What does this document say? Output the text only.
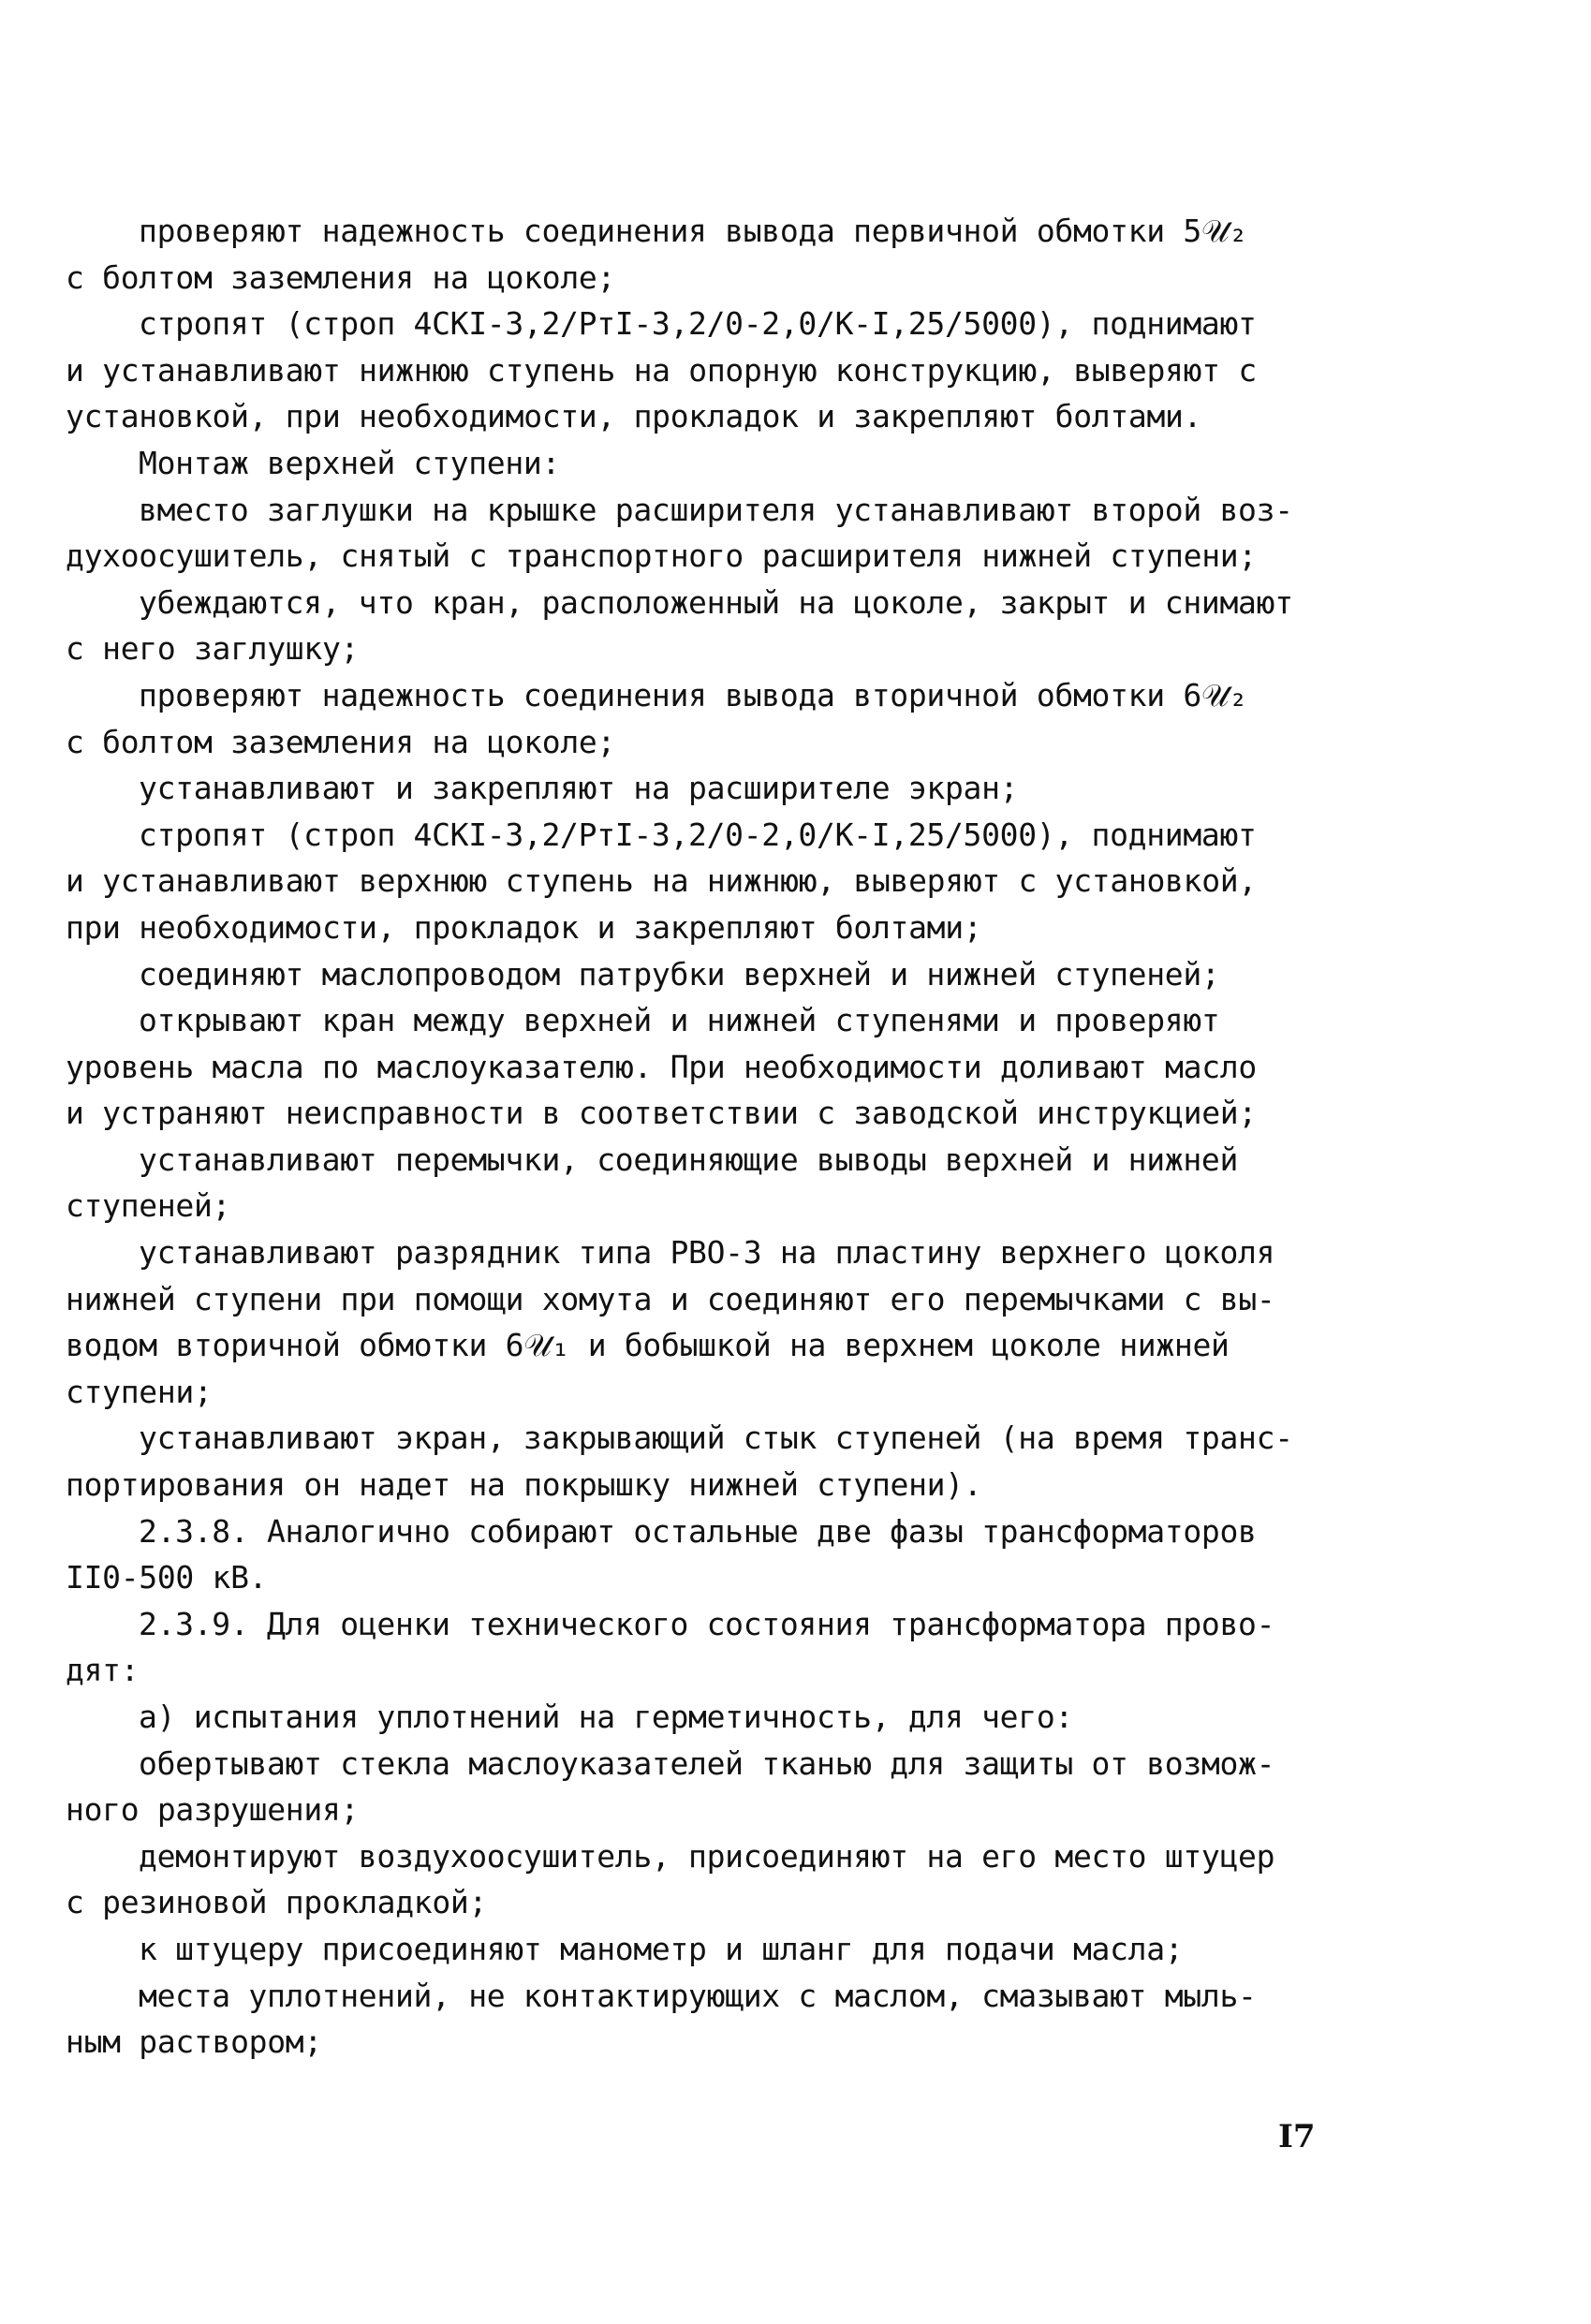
проверяют надежность соединения вывода первичной обмотки 5𝒰₂
с болтом заземления на цоколе;
стропят (строп 4СКI-3,2/РтI-3,2/0-2,0/К-I,25/5000), поднимают
и устанавливают нижнюю ступень на опорную конструкцию, выверяют с
установкой, при необходимости, прокладок и закрепляют болтами.
Монтаж верхней ступени:
вместо заглушки на крышке расширителя устанавливают второй воз-
духоосушитель, снятый с транспортного расширителя нижней ступени;
убеждаются, что кран, расположенный на цоколе, закрыт и снимают
с него заглушку;
проверяют надежность соединения вывода вторичной обмотки 6𝒰₂
с болтом заземления на цоколе;
устанавливают и закрепляют на расширителе экран;
стропят (строп 4СКI-3,2/РтI-3,2/0-2,0/К-I,25/5000), поднимают
и устанавливают верхнюю ступень на нижнюю, выверяют с установкой,
при необходимости, прокладок и закрепляют болтами;
соединяют маслопроводом патрубки верхней и нижней ступеней;
открывают кран между верхней и нижней ступенями и проверяют
уровень масла по маслоуказателю. При необходимости доливают масло
и устраняют неисправности в соответствии с заводской инструкцией;
устанавливают перемычки, соединяющие выводы верхней и нижней
ступеней;
устанавливают разрядник типа РВО-3 на пластину верхнего цоколя
нижней ступени при помощи хомута и соединяют его перемычками с вы-
водом вторичной обмотки 6𝒰₁ и бобышкой на верхнем цоколе нижней
ступени;
устанавливают экран, закрывающий стык ступеней (на время транс-
портирования он надет на покрышку нижней ступени).
2.3.8. Аналогично собирают остальные две фазы трансформаторов
II0-500 кВ.
2.3.9. Для оценки технического состояния трансформатора прово-
дят:
а) испытания уплотнений на герметичность, для чего:
обертывают стекла маслоуказателей тканью для защиты от возмож-
ного разрушения;
демонтируют воздухоосушитель, присоединяют на его место штуцер
с резиновой прокладкой;
к штуцеру присоединяют манометр и шланг для подачи масла;
места уплотнений, не контактирующих с маслом, смазывают мыль-
ным раствором;
I7
